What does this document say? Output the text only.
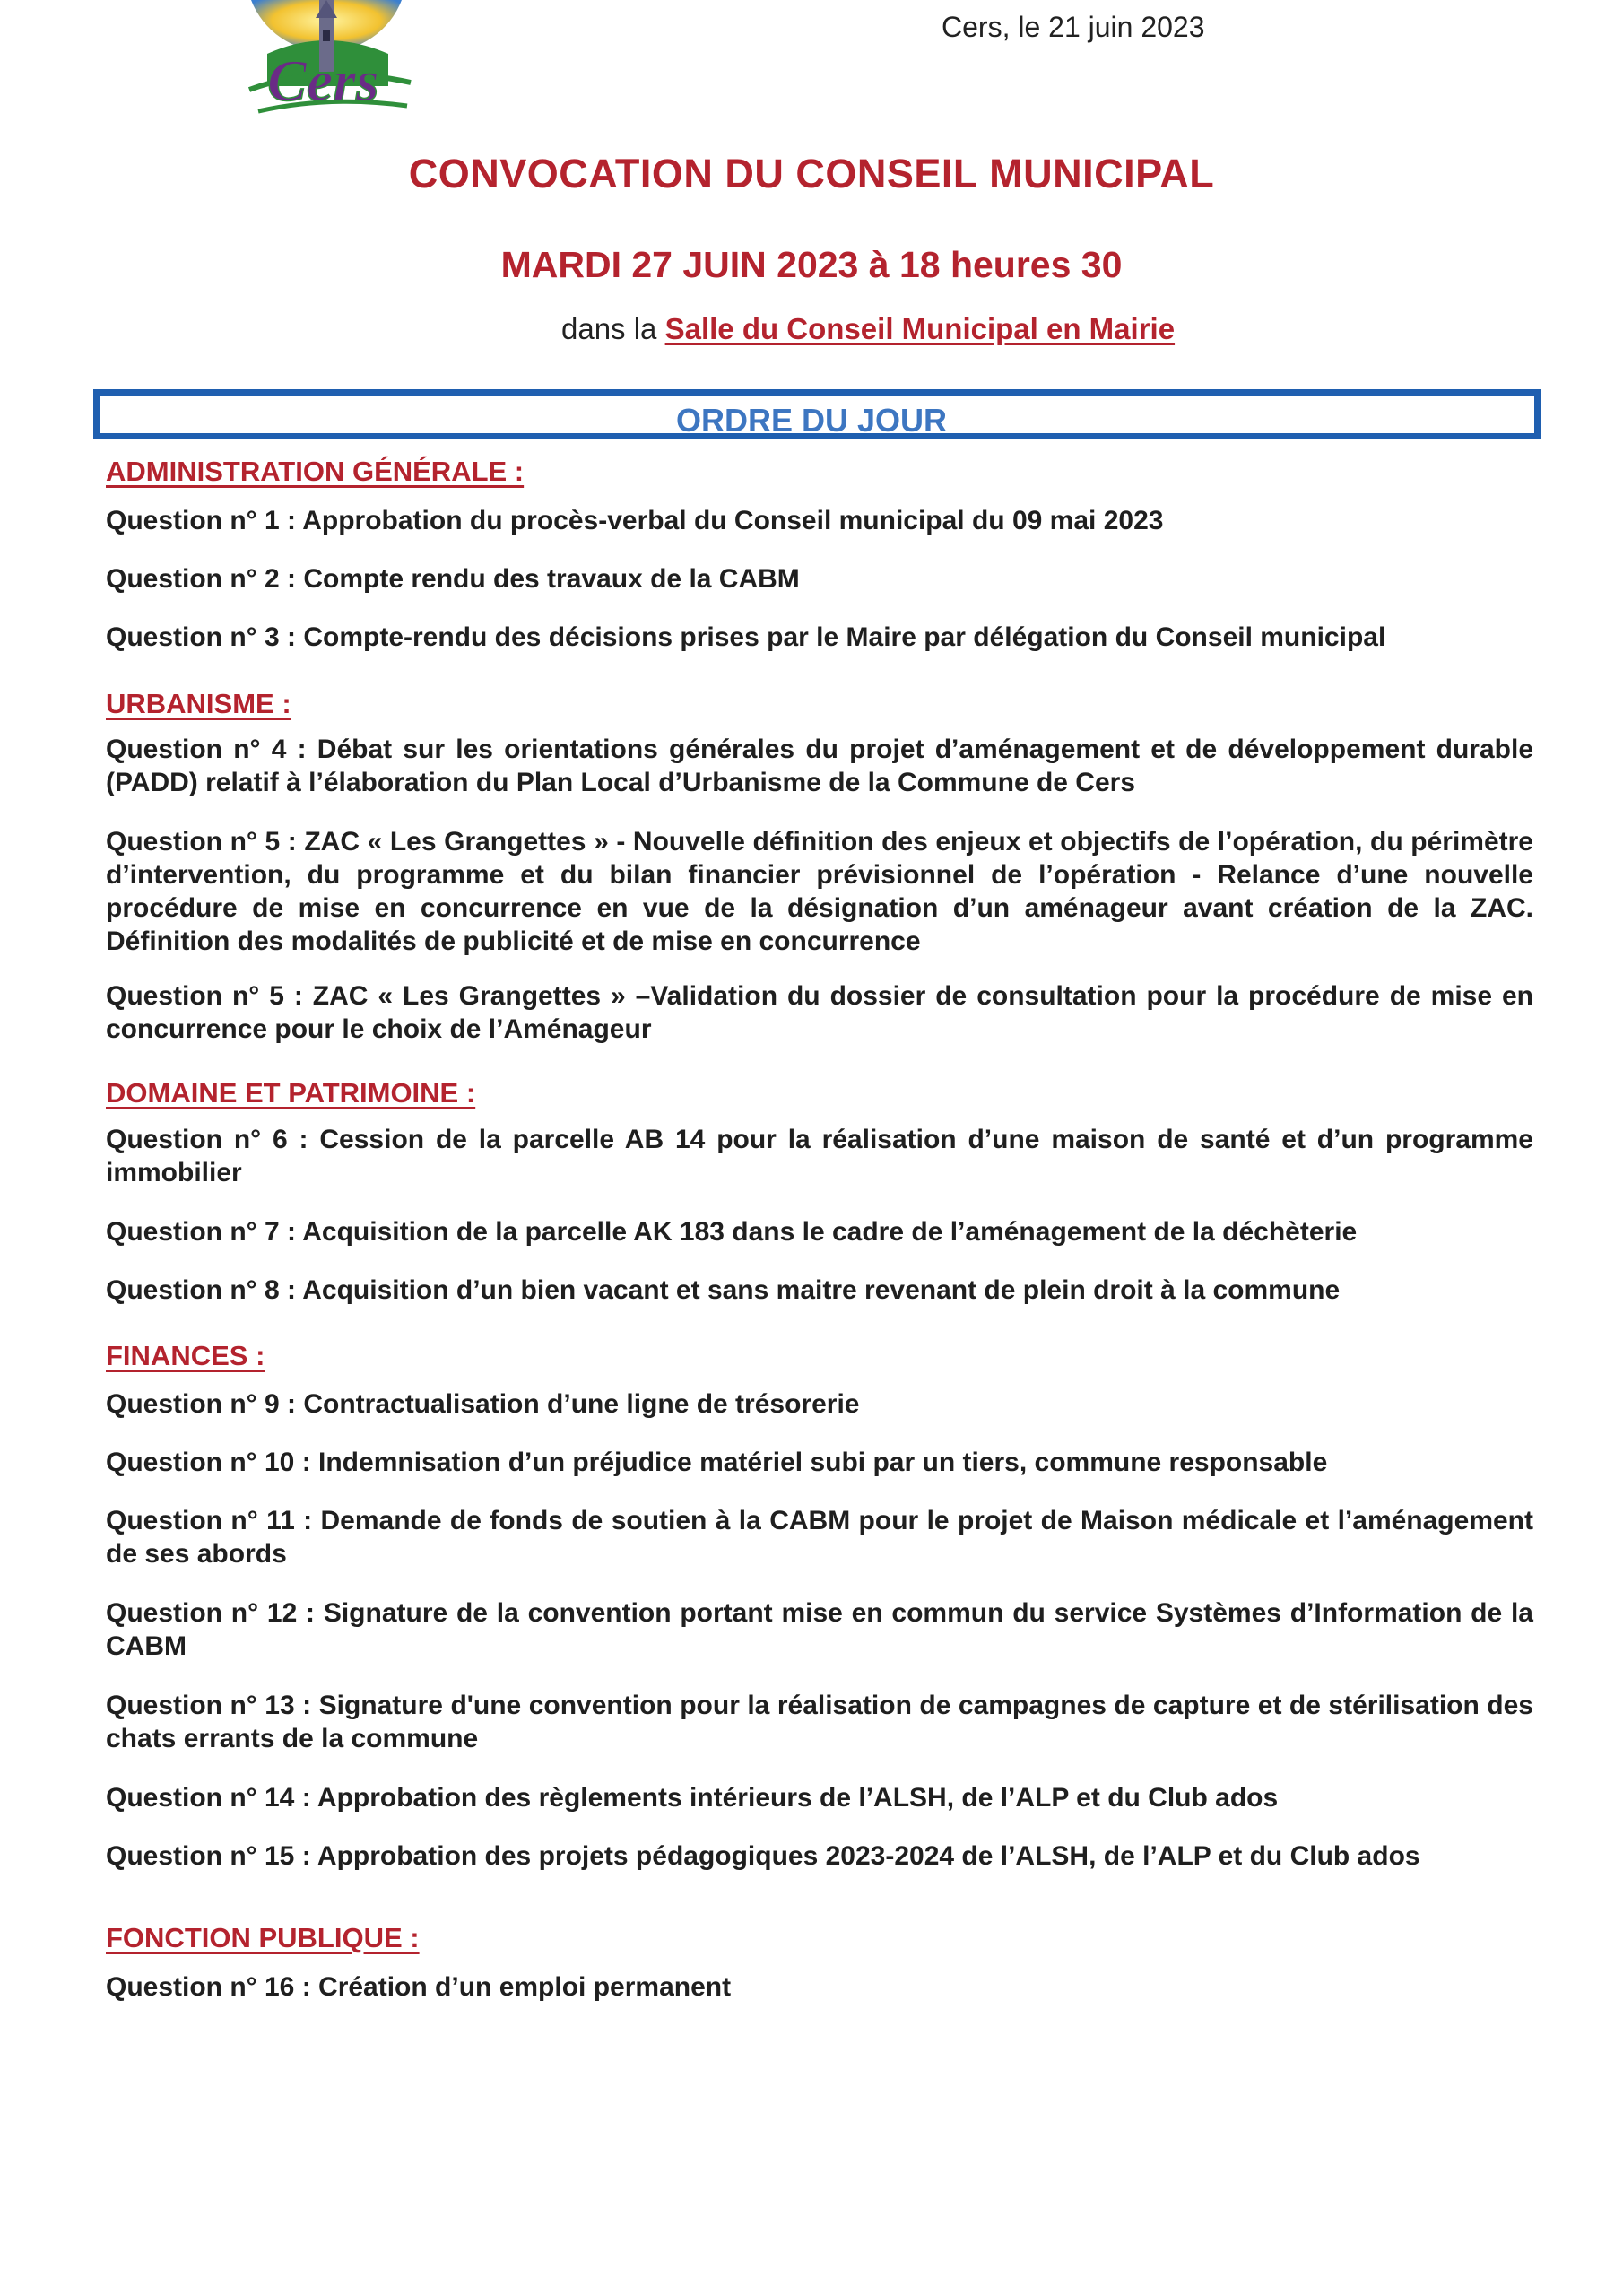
Cers
Cers, le 21 juin 2023
CONVOCATION DU CONSEIL MUNICIPAL
MARDI 27 JUIN 2023 à 18 heures 30
dans la Salle du Conseil Municipal en Mairie
ORDRE DU JOUR
ADMINISTRATION GÉNÉRALE :
Question n° 1 : Approbation du procès-verbal du Conseil municipal du 09 mai 2023
Question n° 2 : Compte rendu des travaux de la CABM
Question n° 3 : Compte-rendu des décisions prises par le Maire par délégation du Conseil municipal
URBANISME :
Question n° 4 : Débat sur les orientations générales du projet d’aménagement et de développement durable (PADD) relatif à l’élaboration du Plan Local d’Urbanisme de la Commune de Cers
Question n° 5 : ZAC « Les Grangettes » - Nouvelle définition des enjeux et objectifs de l’opération, du périmètre d’intervention, du programme et du bilan financier prévisionnel de l’opération - Relance d’une nouvelle procédure de mise en concurrence en vue de la désignation d’un aménageur avant création de la ZAC. Définition des modalités de publicité et de mise en concurrence
Question n° 5 : ZAC « Les Grangettes » –Validation du dossier de consultation pour la procédure de mise en concurrence pour le choix de l’Aménageur
DOMAINE ET PATRIMOINE :
Question n° 6 : Cession de la parcelle AB 14 pour la réalisation d’une maison de santé et d’un programme immobilier
Question n° 7 : Acquisition de la parcelle AK 183 dans le cadre de l’aménagement de la déchèterie
Question n° 8 : Acquisition d’un bien vacant et sans maitre revenant de plein droit à la commune
FINANCES :
Question n° 9 : Contractualisation d’une ligne de trésorerie
Question n° 10 : Indemnisation d’un préjudice matériel subi par un tiers, commune responsable
Question n° 11 : Demande de fonds de soutien à la CABM pour le projet de Maison médicale et l’aménagement de ses abords
Question n° 12 : Signature de la convention portant mise en commun du service Systèmes d’Information de la CABM
Question n° 13 : Signature d'une convention pour la réalisation de campagnes de capture et de stérilisation des chats errants de la commune
Question n° 14 : Approbation des règlements intérieurs de l’ALSH, de l’ALP et du Club ados
Question n° 15 : Approbation des projets pédagogiques 2023-2024 de l’ALSH, de l’ALP et du Club ados
FONCTION PUBLIQUE :
Question n° 16 : Création d’un emploi permanent
